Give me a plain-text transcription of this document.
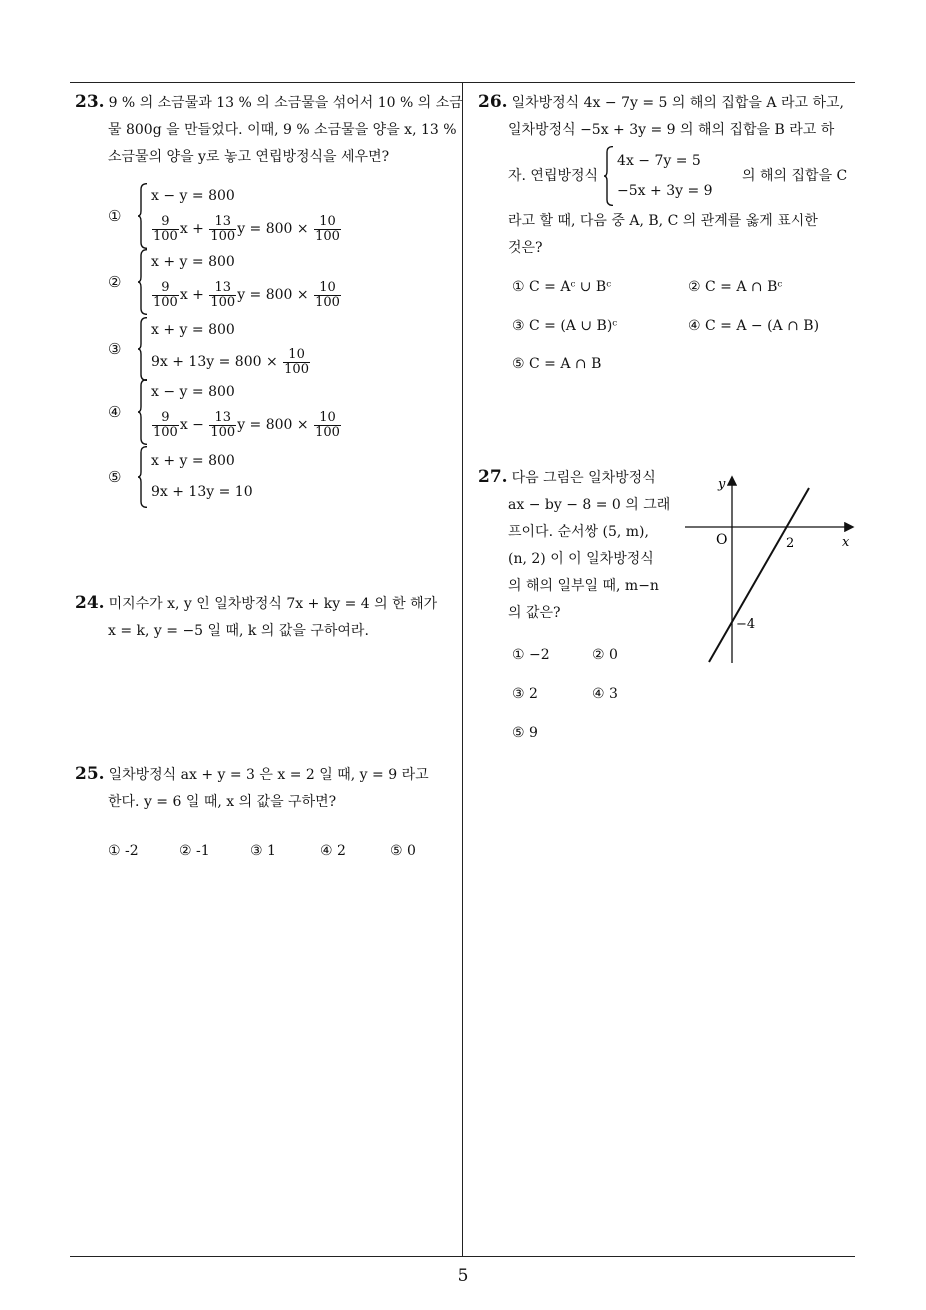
23. 9 % 의 소금물과 13 % 의 소금물을 섞어서 10 % 의 소금
물 800g 을 만들었다. 이때, 9 % 소금물을 양을 x, 13 %
소금물의 양을 y로 놓고 연립방정식을 세우면?
①
x − y = 800
$\frac{9}{100}$ $x + \frac{13}{100}$ $y = 800 \times \frac{10}{100}$
②
x + y = 800
$\frac{9}{100}$ $x + \frac{13}{100}$ $y = 800 \times \frac{10}{100}$
③
x + y = 800
$9x + 13y = 800 \times \frac{10}{100}$
④
x − y = 800
$\frac{9}{100}$ $x - \frac{13}{100}$ $y = 800 \times \frac{10}{100}$
⑤
x + y = 800
9x + 13y = 10
24. 미지수가 x, y 인 일차방정식 7x + ky = 4 의 한 해가
x = k, y = −5 일 때, k 의 값을 구하여라.
25. 일차방정식 ax + y = 3 은 x = 2 일 때, y = 9 라고
한다. y = 6 일 때, x 의 값을 구하면?
① -2	② -1	③ 1	④ 2	⑤ 0
26. 일차방정식 4x − 7y = 5 의 해의 집합을 A 라고 하고,
일차방정식 −5x + 3y = 9 의 해의 집합을 B 라고 하
자. 연립방정식
4x − 7y = 5
−5x + 3y = 9
의 해의 집합을 C
라고 할 때, 다음 중 A, B, C 의 관계를 옳게 표시한
것은?
① C = Aᶜ ∪ Bᶜ	② C = A ∩ Bᶜ
③ C = (A ∪ B)ᶜ	④ C = A − (A ∩ B)
⑤ C = A ∩ B
27. 다음 그림은 일차방정식
ax − by − 8 = 0 의 그래
프이다. 순서쌍 (5, m),
(n, 2) 이 이 일차방정식
의 해의 일부일 때, m−n
의 값은?
y
x
O	2
−4
① −2	② 0
③ 2	④ 3
⑤ 9
5
